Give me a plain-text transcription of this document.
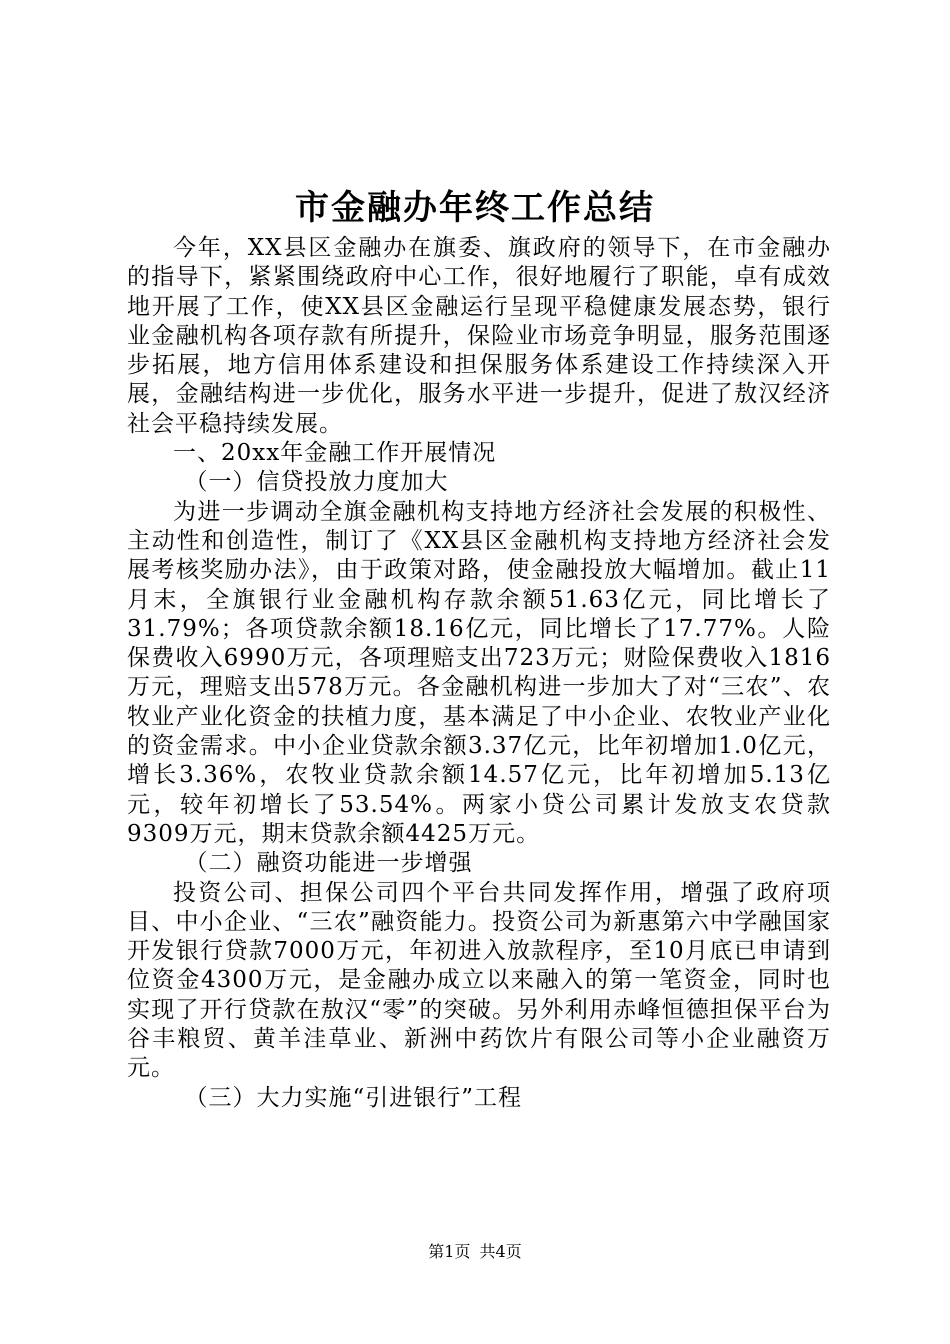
市金融办年终工作总结

今年，XX县区金融办在旗委、旗政府的领导下，在市金融办的指导下，紧紧围绕政府中心工作，很好地履行了职能，卓有成效地开展了工作，使XX县区金融运行呈现平稳健康发展态势，银行业金融机构各项存款有所提升，保险业市场竞争明显，服务范围逐步拓展，地方信用体系建设和担保服务体系建设工作持续深入开展，金融结构进一步优化，服务水平进一步提升，促进了敖汉经济社会平稳持续发展。

一、20xx年金融工作开展情况

（一）信贷投放力度加大

为进一步调动全旗金融机构支持地方经济社会发展的积极性、主动性和创造性，制订了《XX县区金融机构支持地方经济社会发展考核奖励办法》，由于政策对路，使金融投放大幅增加。截止11月末，全旗银行业金融机构存款余额51.63亿元，同比增长了31.79%；各项贷款余额18.16亿元，同比增长了17.77%。人险保费收入6990万元，各项理赔支出723万元；财险保费收入1816万元，理赔支出578万元。各金融机构进一步加大了对“三农”、农牧业产业化资金的扶植力度，基本满足了中小企业、农牧业产业化的资金需求。中小企业贷款余额3.37亿元，比年初增加1.0亿元，增长3.36%，农牧业贷款余额14.57亿元，比年初增加5.13亿元，较年初增长了53.54%。两家小贷公司累计发放支农贷款9309万元，期末贷款余额4425万元。

（二）融资功能进一步增强

投资公司、担保公司四个平台共同发挥作用，增强了政府项目、中小企业、“三农”融资能力。投资公司为新惠第六中学融国家开发银行贷款7000万元，年初进入放款程序，至10月底已申请到位资金4300万元，是金融办成立以来融入的第一笔资金，同时也实现了开行贷款在敖汉“零”的突破。另外利用赤峰恒德担保平台为谷丰粮贸、黄羊洼草业、新洲中药饮片有限公司等小企业融资万元。

（三）大力实施“引进银行”工程

第1页 共4页
